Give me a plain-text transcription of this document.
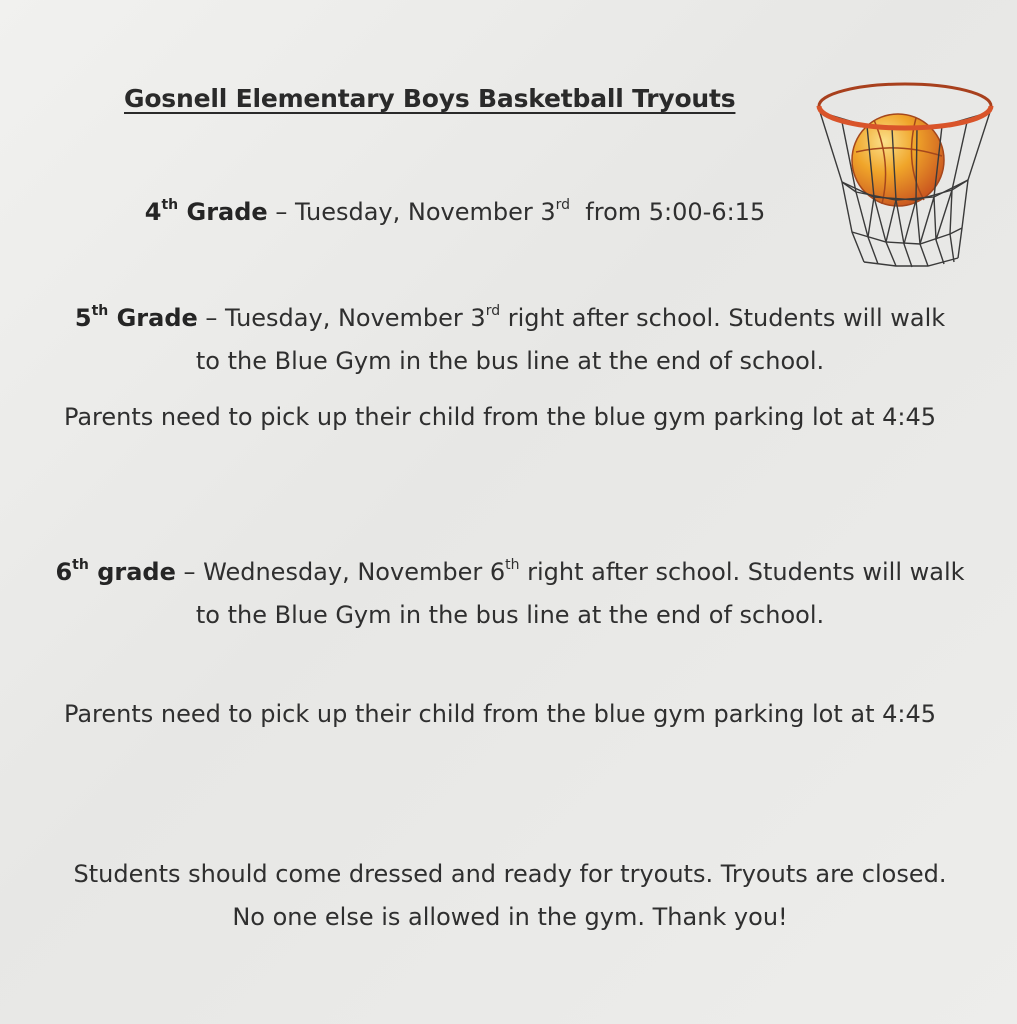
Gosnell Elementary Boys Basketball Tryouts
4th Grade – Tuesday, November 3rd  from 5:00-6:15
5th Grade – Tuesday, November 3rd right after school. Students will walk to the Blue Gym in the bus line at the end of school.
Parents need to pick up their child from the blue gym parking lot at 4:45
6th grade – Wednesday, November 6th right after school. Students will walk to the Blue Gym in the bus line at the end of school.
Parents need to pick up their child from the blue gym parking lot at 4:45
Students should come dressed and ready for tryouts. Tryouts are closed. No one else is allowed in the gym. Thank you!
